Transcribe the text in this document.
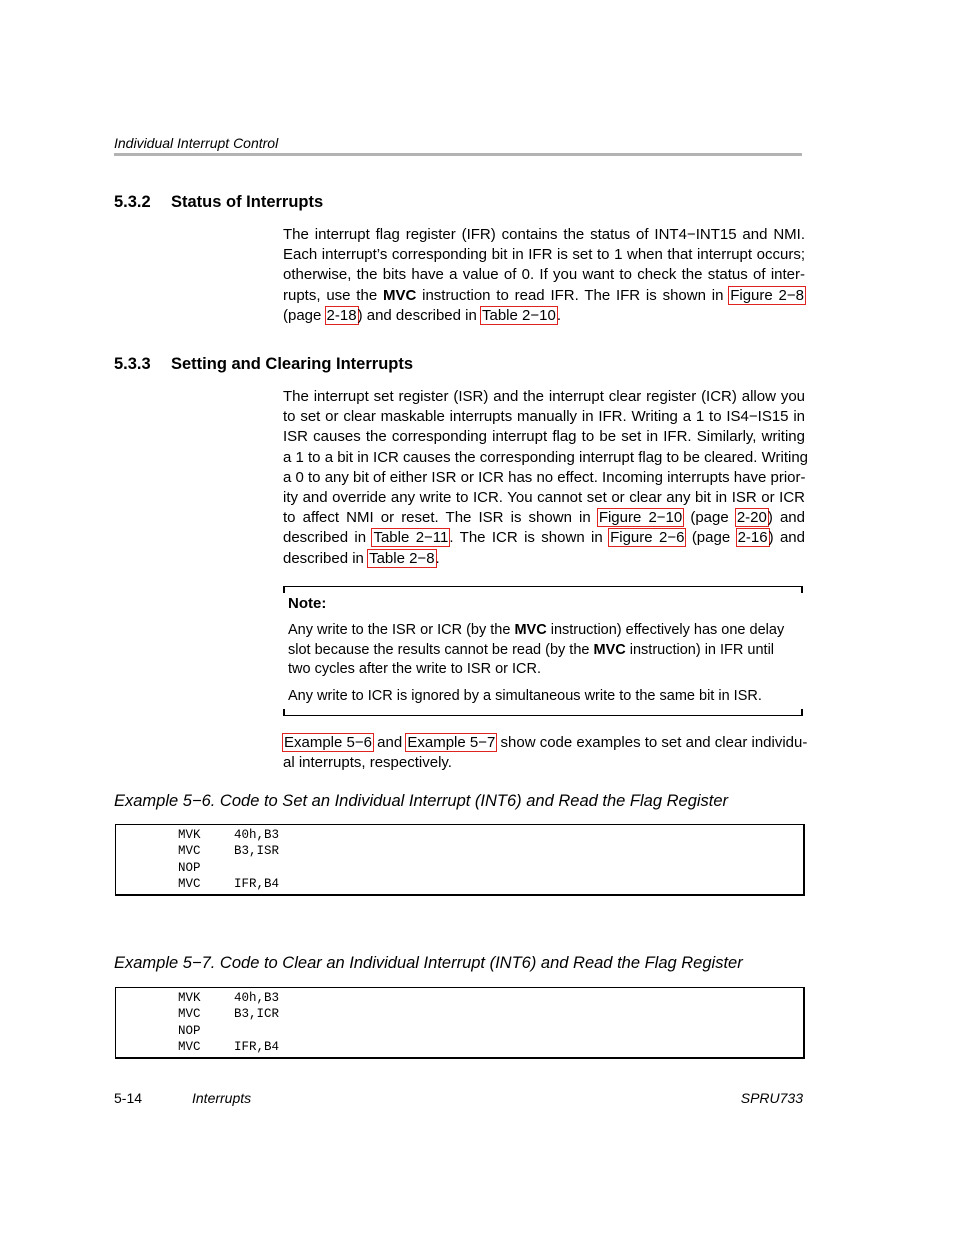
Individual Interrupt Control
5.3.2 Status of Interrupts
The interrupt flag register (IFR) contains the status of INT4−INT15 and NMI.
Each interrupt’s corresponding bit in IFR is set to 1 when that interrupt occurs;
otherwise, the bits have a value of 0. If you want to check the status of inter-
rupts, use the MVC instruction to read IFR. The IFR is shown in Figure 2−8
(page 2-18) and described in Table 2−10.
5.3.3 Setting and Clearing Interrupts
The interrupt set register (ISR) and the interrupt clear register (ICR) allow you
to set or clear maskable interrupts manually in IFR. Writing a 1 to IS4−IS15 in
ISR causes the corresponding interrupt flag to be set in IFR. Similarly, writing
a 1 to a bit in ICR causes the corresponding interrupt flag to be cleared. Writing
a 0 to any bit of either ISR or ICR has no effect. Incoming interrupts have prior-
ity and override any write to ICR. You cannot set or clear any bit in ISR or ICR
to affect NMI or reset. The ISR is shown in Figure 2−10 (page 2-20) and
described in Table 2−11. The ICR is shown in Figure 2−6 (page 2-16) and
described in Table 2−8.
Note:
Any write to the ISR or ICR (by the MVC instruction) effectively has one delay
slot because the results cannot be read (by the MVC instruction) in IFR until
two cycles after the write to ISR or ICR.
Any write to ICR is ignored by a simultaneous write to the same bit in ISR.
Example 5−6 and Example 5−7 show code examples to set and clear individu-
al interrupts, respectively.
Example 5−6. Code to Set an Individual Interrupt (INT6) and Read the Flag Register
MVK	40h,B3
MVC	B3,ISR
NOP
MVC	IFR,B4
Example 5−7. Code to Clear an Individual Interrupt (INT6) and Read the Flag Register
MVK	40h,B3
MVC	B3,ICR
NOP
MVC	IFR,B4
5-14	Interrupts	SPRU733
